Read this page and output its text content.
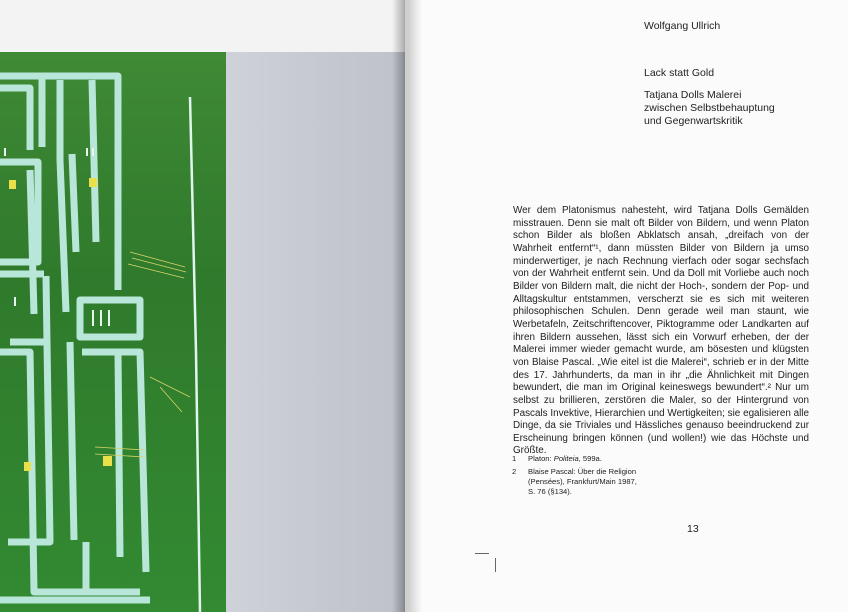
Wolfgang Ullrich
Lack statt Gold
Tatjana Dolls Malerei
zwischen Selbstbehauptung
und Gegenwartskritik
Wer dem Platonismus nahesteht, wird Tatjana Dolls Gemälden misstrauen. Denn sie malt oft Bilder von Bildern, und wenn Platon schon Bilder als bloßen Abklatsch ansah, „dreifach von der Wahrheit entfernt“¹, dann müssten Bilder von Bildern ja umso minderwertiger, je nach Rechnung vierfach oder sogar sechsfach von der Wahrheit entfernt sein. Und da Doll mit Vorliebe auch noch Bilder von Bildern malt, die nicht der Hoch-, sondern der Pop- und Alltagskultur entstammen, verscherzt sie es sich mit weiteren philosophischen Schulen. Denn gerade weil man staunt, wie Werbetafeln, Zeitschriftencover, Piktogramme oder Landkarten auf ihren Bildern aussehen, lässt sich ein Vorwurf erheben, der der Malerei immer wieder gemacht wurde, am bösesten und klügsten von Blaise Pascal. „Wie eitel ist die Malerei“, schrieb er in der Mitte des 17. Jahrhunderts, da man in ihr „die Ähnlichkeit mit Dingen bewundert, die man im Original keineswegs bewundert“.² Nur um selbst zu brillieren, zerstören die Maler, so der Hintergrund von Pascals Invektive, Hierarchien und Wertigkeiten; sie egalisieren alle Dinge, da sie Triviales und Hässliches genauso beeindruckend zur Erscheinung bringen können (und wollen!) wie das Höchste und Größte.
1 Platon: Politeia, 599a.
2 Blaise Pascal: Über die Religion
(Pensées), Frankfurt/Main 1987,
S. 76 (§134).
13
